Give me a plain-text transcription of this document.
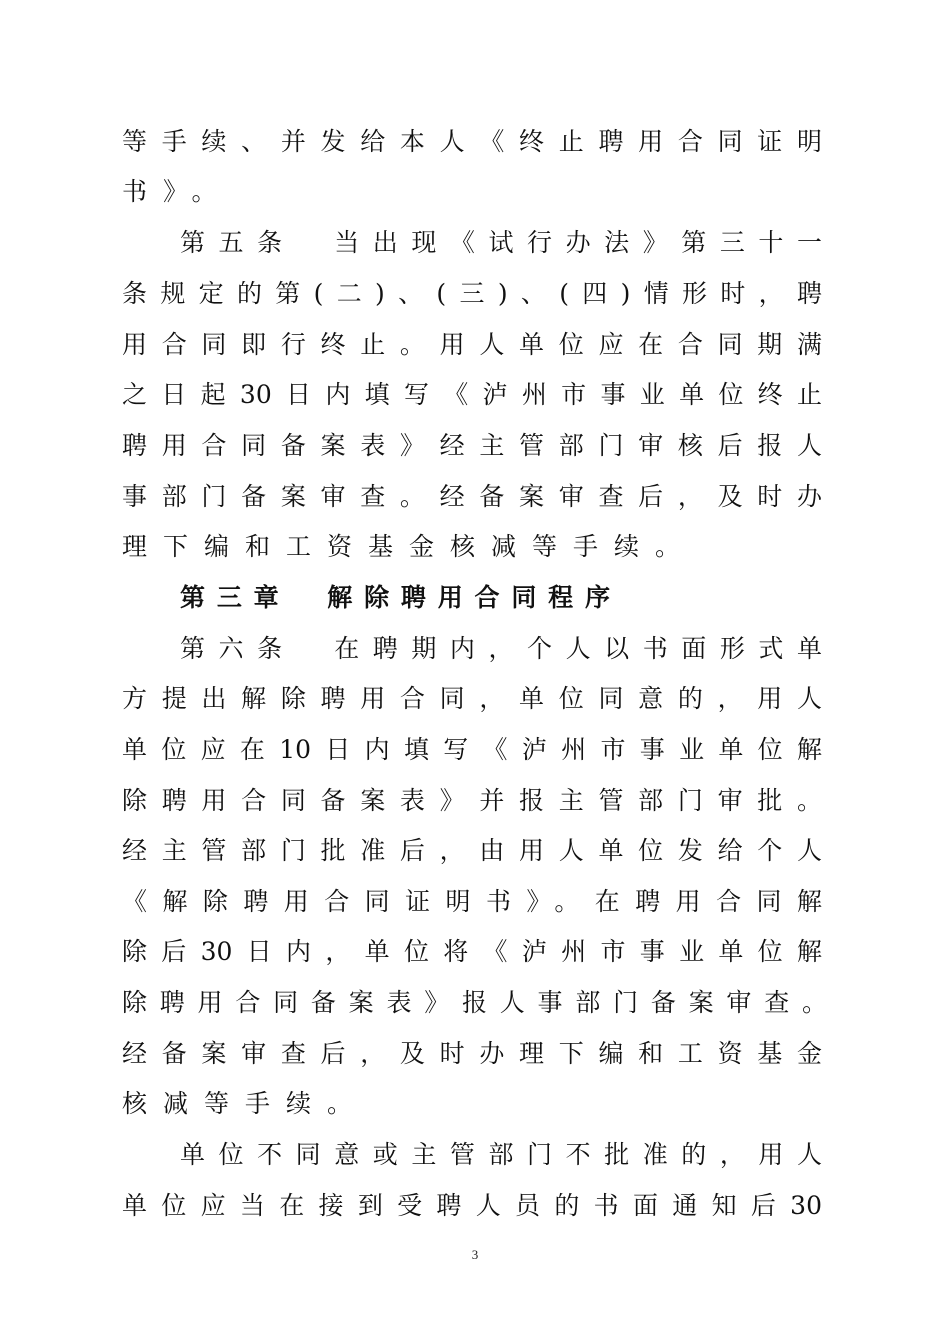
等手续、并发给本人《终止聘用合同证明
书》。
第五条　当出现《试行办法》第三十一
条规定的第(二)、(三)、(四)情形时，聘
用合同即行终止。用人单位应在合同期满
之日起30日内填写《泸州市事业单位终止
聘用合同备案表》经主管部门审核后报人
事部门备案审查。经备案审查后，及时办
理下编和工资基金核减等手续。
第三章　解除聘用合同程序
第六条　在聘期内，个人以书面形式单
方提出解除聘用合同，单位同意的，用人
单位应在10日内填写《泸州市事业单位解
除聘用合同备案表》并报主管部门审批。
经主管部门批准后，由用人单位发给个人
《解除聘用合同证明书》。在聘用合同解
除后30日内，单位将《泸州市事业单位解
除聘用合同备案表》报人事部门备案审查。
经备案审查后，及时办理下编和工资基金
核减等手续。
单位不同意或主管部门不批准的，用人
单位应当在接到受聘人员的书面通知后30
3
